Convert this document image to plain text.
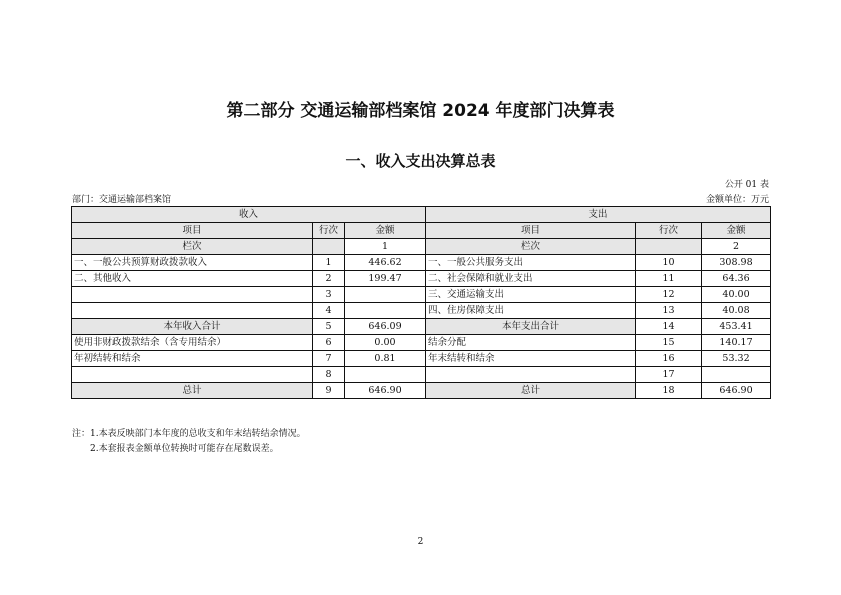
第二部分 交通运输部档案馆 2024 年度部门决算表
一、收入支出决算总表
公开 01 表
部门：交通运输部档案馆	金额单位：万元
收入			支出		
项目	行次	金额	项目	行次	金额
栏次		1	栏次		2
一、一般公共预算财政拨款收入	1	446.62	一、一般公共服务支出	10	308.98
二、其他收入	2	199.47	二、社会保障和就业支出	11	64.36
	3		三、交通运输支出	12	40.00
	4		四、住房保障支出	13	40.08
本年收入合计	5	646.09	本年支出合计	14	453.41
使用非财政拨款结余（含专用结余）	6	0.00	结余分配	15	140.17
年初结转和结余	7	0.81	年末结转和结余	16	53.32
	8			17	
总计	9	646.90	总计	18	646.90
注：1.本表反映部门本年度的总收支和年末结转结余情况。
2.本套报表金额单位转换时可能存在尾数误差。
2
